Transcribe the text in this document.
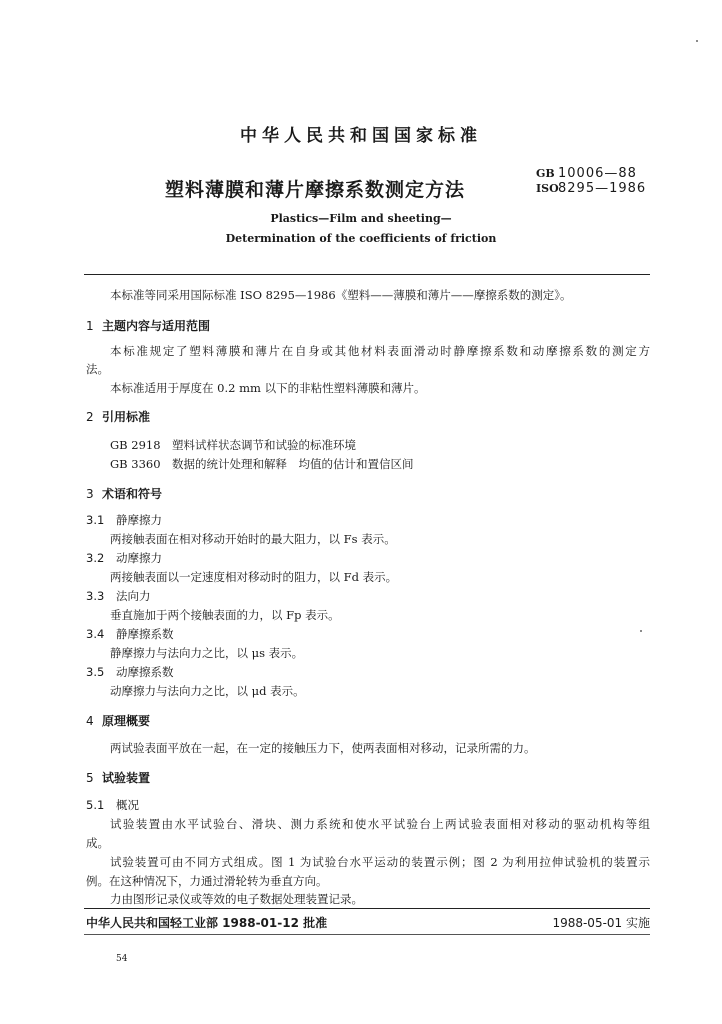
中华人民共和国国家标准
塑料薄膜和薄片摩擦系数测定方法
GB 10006—88
ISO8295—1986
Plastics—Film and sheeting—
Determination of the coefficients of friction
本标准等同采用国际标准 ISO 8295—1986《塑料——薄膜和薄片——摩擦系数的测定》。
1 主题内容与适用范围
本标准规定了塑料薄膜和薄片在自身或其他材料表面滑动时静摩擦系数和动摩擦系数的测定方
法。
本标准适用于厚度在 0.2 mm 以下的非粘性塑料薄膜和薄片。
2 引用标准
GB 2918 塑料试样状态调节和试验的标准环境
GB 3360 数据的统计处理和解释　均值的估计和置信区间
3 术语和符号
3.1 静摩擦力
两接触表面在相对移动开始时的最大阻力，以 Fs 表示。
3.2 动摩擦力
两接触表面以一定速度相对移动时的阻力，以 Fd 表示。
3.3 法向力
垂直施加于两个接触表面的力，以 Fp 表示。
3.4 静摩擦系数
静摩擦力与法向力之比，以 μs 表示。
3.5 动摩擦系数
动摩擦力与法向力之比，以 μd 表示。
4 原理概要
两试验表面平放在一起，在一定的接触压力下，使两表面相对移动，记录所需的力。
5 试验装置
5.1 概况
试验装置由水平试验台、滑块、测力系统和使水平试验台上两试验表面相对移动的驱动机构等组
成。
试验装置可由不同方式组成。图 1 为试验台水平运动的装置示例；图 2 为利用拉伸试验机的装置示
例。在这种情况下，力通过滑轮转为垂直方向。
力由图形记录仪或等效的电子数据处理装置记录。
中华人民共和国轻工业部 1988-01-12 批准	1988-05-01 实施
54
